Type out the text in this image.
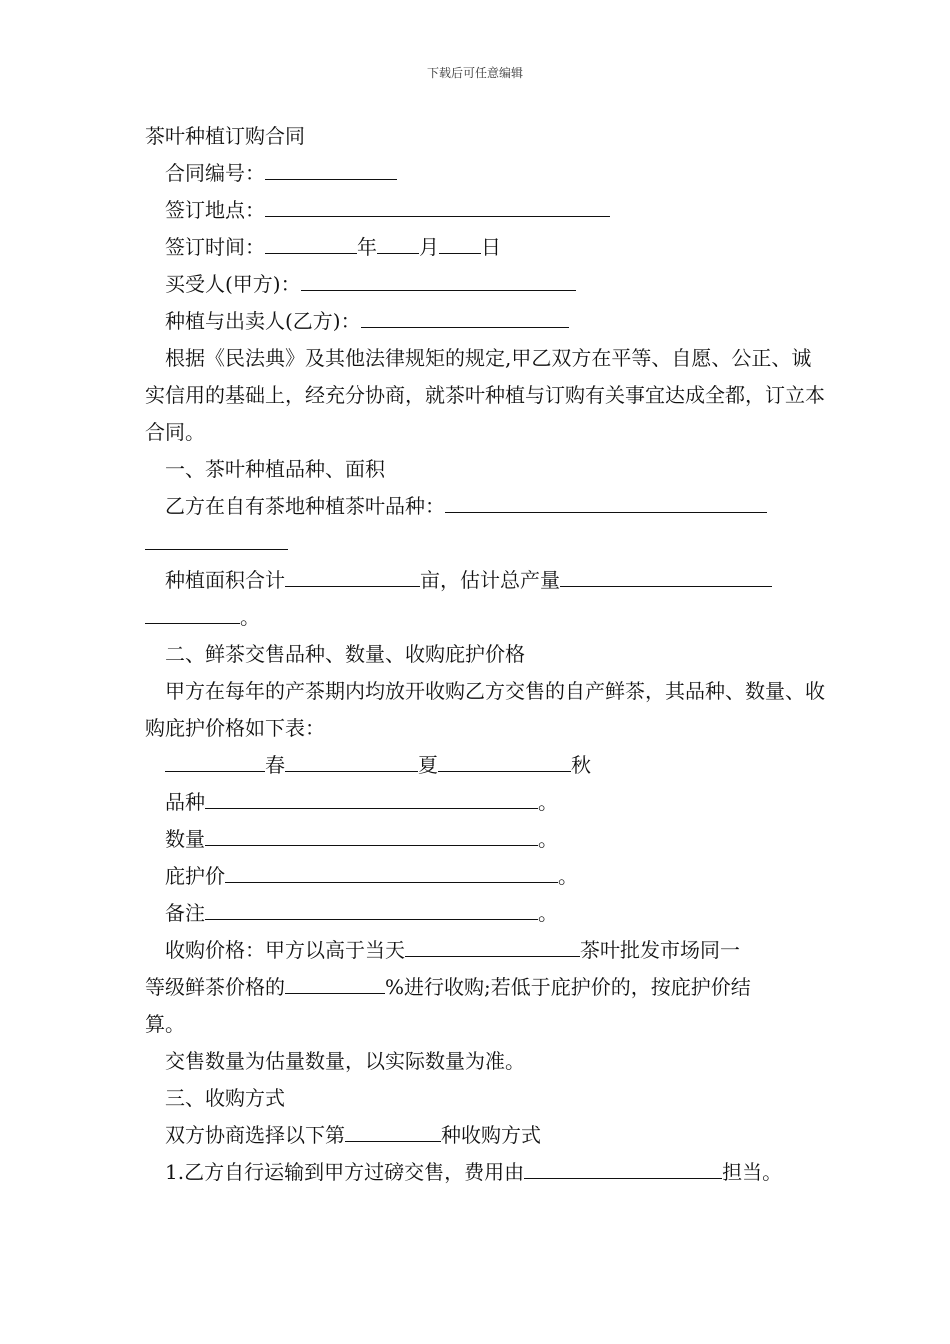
下载后可任意编辑
茶叶种植订购合同
合同编号：
签订地点：
签订时间：	年 月 日
买受人(甲方)：
种植与出卖人(乙方)：
根据《民法典》及其他法律规矩的规定,甲乙双方在平等、自愿、公正、诚实信用的基础上，经充分协商，就茶叶种植与订购有关事宜达成全都，订立本合同。
一、茶叶种植品种、面积
乙方在自有茶地种植茶叶品种：
种植面积合计	亩，估计总产量
。
二、鲜茶交售品种、数量、收购庇护价格
甲方在每年的产茶期内均放开收购乙方交售的自产鲜茶，其品种、数量、收购庇护价格如下表：
春	夏	秋
品种	。
数量	。
庇护价	。
备注	。
收购价格：甲方以高于当天	茶叶批发市场同一
等级鲜茶价格的	%进行收购;若低于庇护价的，按庇护价结
算。
交售数量为估量数量，以实际数量为准。
三、收购方式
双方协商选择以下第	种收购方式
1.乙方自行运输到甲方过磅交售，费用由	担当。
